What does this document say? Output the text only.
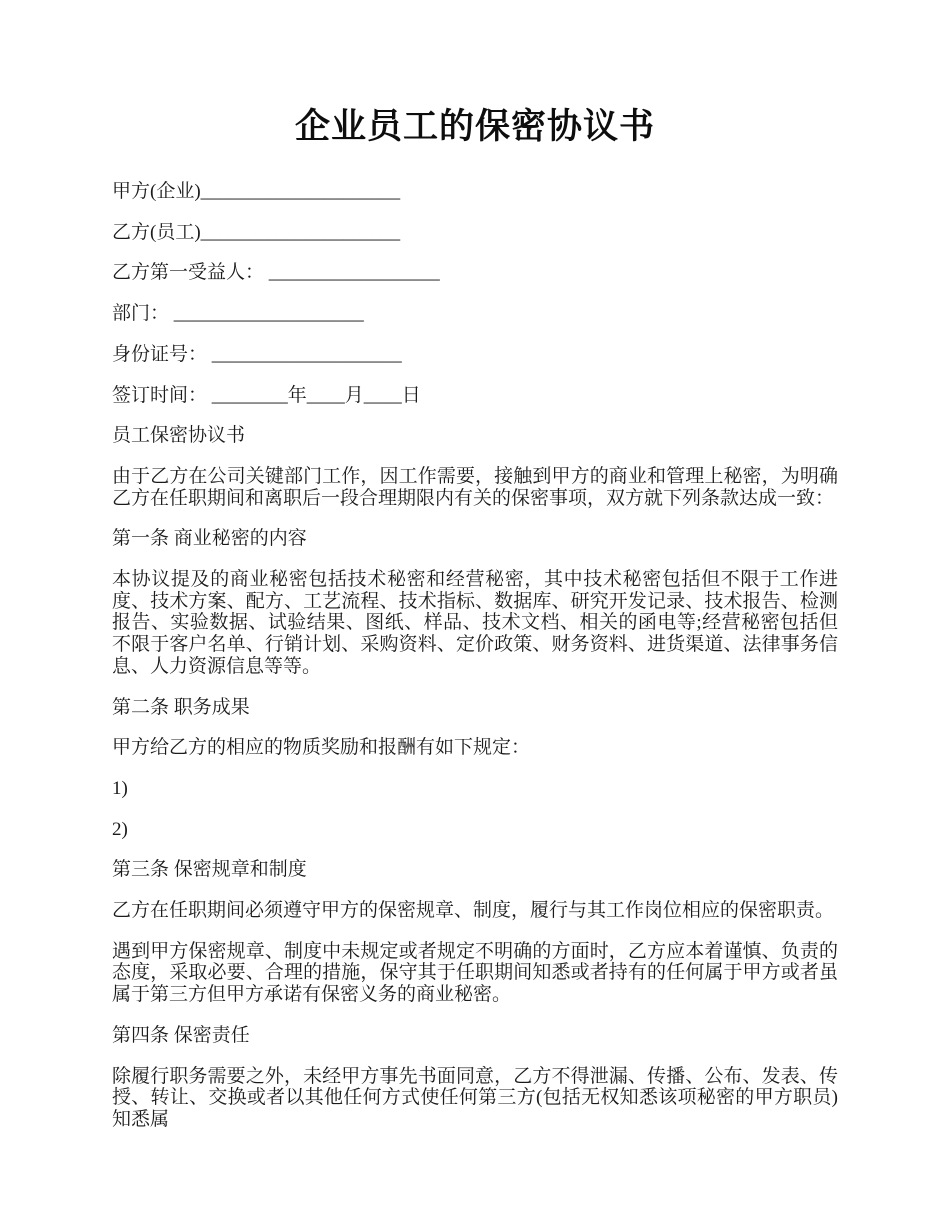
企业员工的保密协议书

甲方(企业)_____________________

乙方(员工)_____________________

乙方第一受益人： __________________

部门： ____________________

身份证号： ____________________

签订时间： ________年____月____日

员工保密协议书

由于乙方在公司关键部门工作，因工作需要，接触到甲方的商业和管理上秘密，为明确乙方在任职期间和离职后一段合理期限内有关的保密事项，双方就下列条款达成一致：

第一条 商业秘密的内容

本协议提及的商业秘密包括技术秘密和经营秘密，其中技术秘密包括但不限于工作进度、技术方案、配方、工艺流程、技术指标、数据库、研究开发记录、技术报告、检测报告、实验数据、试验结果、图纸、样品、技术文档、相关的函电等;经营秘密包括但不限于客户名单、行销计划、采购资料、定价政策、财务资料、进货渠道、法律事务信息、人力资源信息等等。

第二条 职务成果

甲方给乙方的相应的物质奖励和报酬有如下规定：

1)

2)

第三条 保密规章和制度

乙方在任职期间必须遵守甲方的保密规章、制度，履行与其工作岗位相应的保密职责。

遇到甲方保密规章、制度中未规定或者规定不明确的方面时，乙方应本着谨慎、负责的态度，采取必要、合理的措施，保守其于任职期间知悉或者持有的任何属于甲方或者虽属于第三方但甲方承诺有保密义务的商业秘密。

第四条 保密责任

除履行职务需要之外，未经甲方事先书面同意，乙方不得泄漏、传播、公布、发表、传授、转让、交换或者以其他任何方式使任何第三方(包括无权知悉该项秘密的甲方职员)知悉属
